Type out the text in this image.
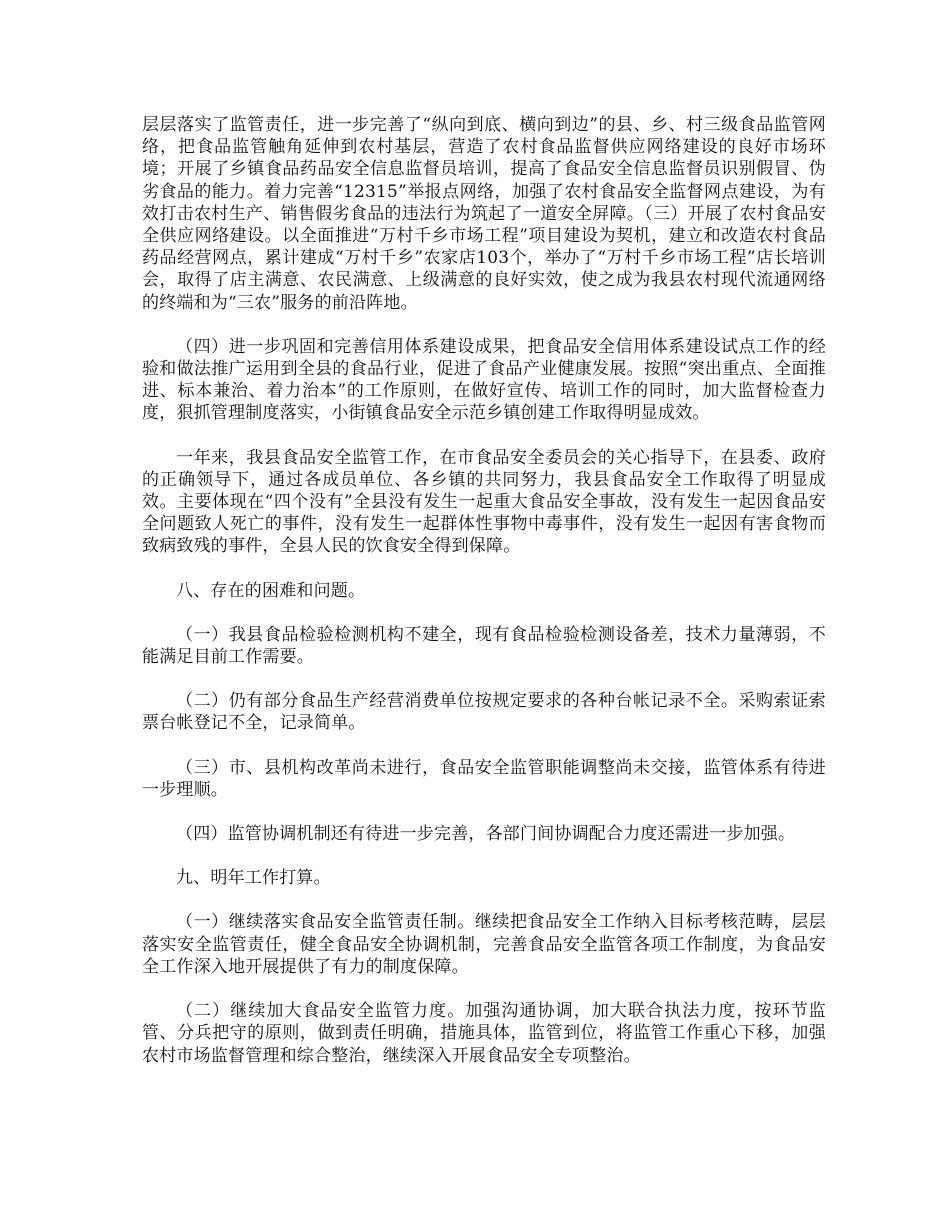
层层落实了监管责任，进一步完善了“纵向到底、横向到边”的县、乡、村三级食品监管网络，把食品监管触角延伸到农村基层，营造了农村食品监督供应网络建设的良好市场环境；开展了乡镇食品药品安全信息监督员培训，提高了食品安全信息监督员识别假冒、伪劣食品的能力。着力完善“12315”举报点网络，加强了农村食品安全监督网点建设，为有效打击农村生产、销售假劣食品的违法行为筑起了一道安全屏障。（三）开展了农村食品安全供应网络建设。以全面推进“万村千乡市场工程”项目建设为契机，建立和改造农村食品药品经营网点，累计建成“万村千乡”农家店103个，举办了“万村千乡市场工程”店长培训会，取得了店主满意、农民满意、上级满意的良好实效，使之成为我县农村现代流通网络的终端和为“三农”服务的前沿阵地。

（四）进一步巩固和完善信用体系建设成果，把食品安全信用体系建设试点工作的经验和做法推广运用到全县的食品行业，促进了食品产业健康发展。按照“突出重点、全面推进、标本兼治、着力治本”的工作原则，在做好宣传、培训工作的同时，加大监督检查力度，狠抓管理制度落实，小街镇食品安全示范乡镇创建工作取得明显成效。

一年来，我县食品安全监管工作，在市食品安全委员会的关心指导下，在县委、政府的正确领导下，通过各成员单位、各乡镇的共同努力，我县食品安全工作取得了明显成效。主要体现在“四个没有”全县没有发生一起重大食品安全事故，没有发生一起因食品安全问题致人死亡的事件，没有发生一起群体性事物中毒事件，没有发生一起因有害食物而致病致残的事件，全县人民的饮食安全得到保障。

八、存在的困难和问题。

（一）我县食品检验检测机构不建全，现有食品检验检测设备差，技术力量薄弱，不能满足目前工作需要。

（二）仍有部分食品生产经营消费单位按规定要求的各种台帐记录不全。采购索证索票台帐登记不全，记录简单。

（三）市、县机构改革尚未进行，食品安全监管职能调整尚未交接，监管体系有待进一步理顺。

（四）监管协调机制还有待进一步完善，各部门间协调配合力度还需进一步加强。

九、明年工作打算。

（一）继续落实食品安全监管责任制。继续把食品安全工作纳入目标考核范畴，层层落实安全监管责任，健全食品安全协调机制，完善食品安全监管各项工作制度，为食品安全工作深入地开展提供了有力的制度保障。

（二）继续加大食品安全监管力度。加强沟通协调，加大联合执法力度，按环节监管、分兵把守的原则，做到责任明确，措施具体，监管到位，将监管工作重心下移，加强农村市场监督管理和综合整治，继续深入开展食品安全专项整治。
